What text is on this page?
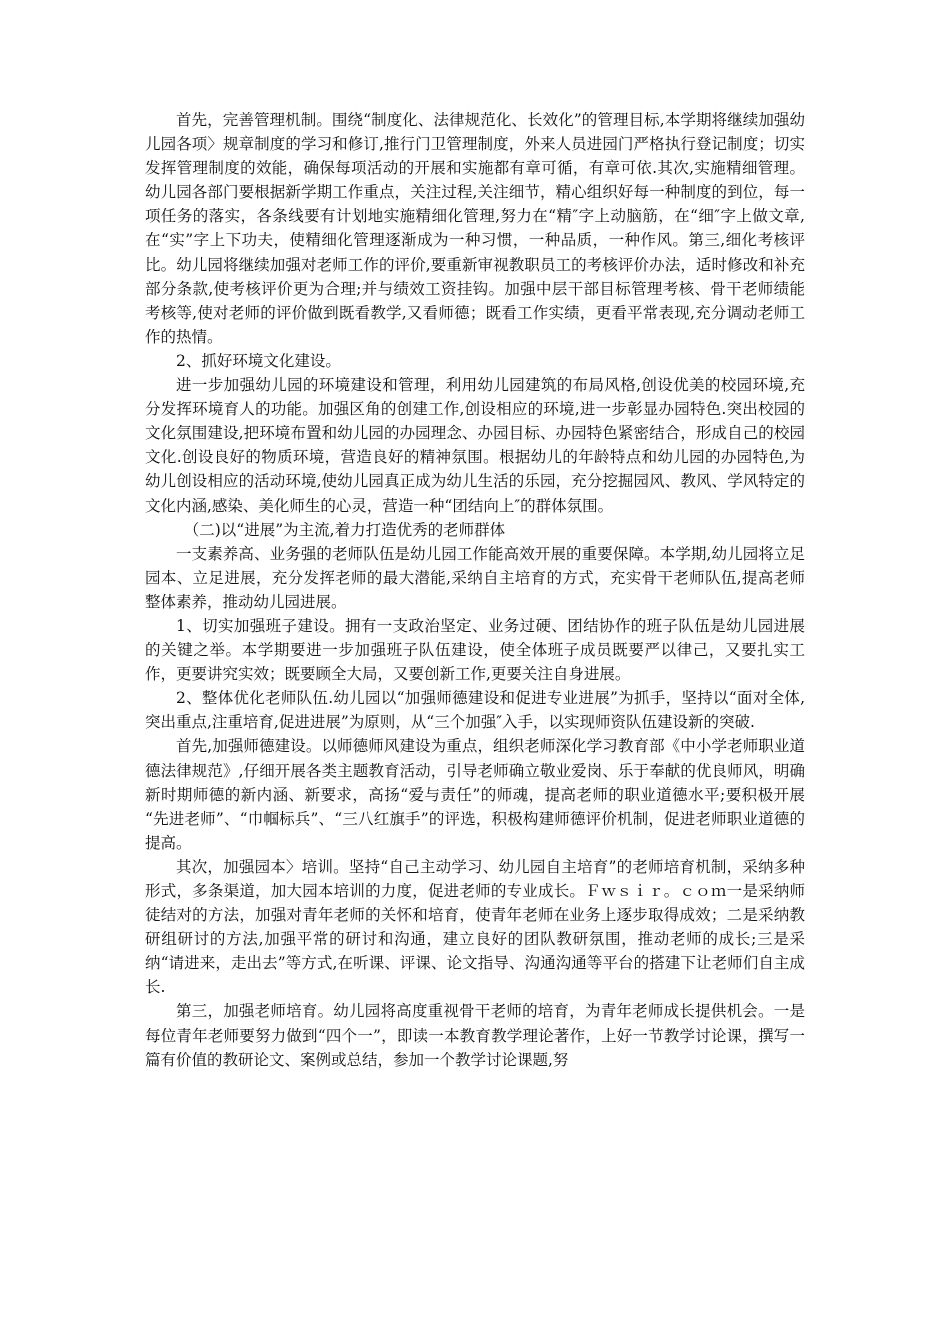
首先，完善管理机制。围绕“制度化、法律规范化、长效化”的管理目标,本学期将继续加强幼儿园各项〉规章制度的学习和修订,推行门卫管理制度，外来人员进园门严格执行登记制度；切实发挥管理制度的效能，确保每项活动的开展和实施都有章可循，有章可依.其次,实施精细管理。幼儿园各部门要根据新学期工作重点，关注过程,关注细节，精心组织好每一种制度的到位，每一项任务的落实，各条线要有计划地实施精细化管理,努力在“精″字上动脑筋，在“细″字上做文章,在“实”字上下功夫，使精细化管理逐渐成为一种习惯，一种品质，一种作风。第三,细化考核评比。幼儿园将继续加强对老师工作的评价,要重新审视教职员工的考核评价办法，适时修改和补充部分条款,使考核评价更为合理;并与绩效工资挂钩。加强中层干部目标管理考核、骨干老师绩能考核等,使对老师的评价做到既看教学,又看师德；既看工作实绩，更看平常表现,充分调动老师工作的热情。

2、抓好环境文化建设。

进一步加强幼儿园的环境建设和管理，利用幼儿园建筑的布局风格,创设优美的校园环境,充分发挥环境育人的功能。加强区角的创建工作,创设相应的环境,进一步彰显办园特色.突出校园的文化氛围建设,把环境布置和幼儿园的办园理念、办园目标、办园特色紧密结合，形成自己的校园文化.创设良好的物质环境，营造良好的精神氛围。根据幼儿的年龄特点和幼儿园的办园特色,为幼儿创设相应的活动环境,使幼儿园真正成为幼儿生活的乐园，充分挖掘园风、教风、学风特定的文化内涵,感染、美化师生的心灵，营造一种“团结向上″的群体氛围。

（二)以“进展”为主流,着力打造优秀的老师群体

一支素养高、业务强的老师队伍是幼儿园工作能高效开展的重要保障。本学期,幼儿园将立足园本、立足进展，充分发挥老师的最大潜能,采纳自主培育的方式，充实骨干老师队伍,提高老师整体素养，推动幼儿园进展。

1、切实加强班子建设。拥有一支政治坚定、业务过硬、团结协作的班子队伍是幼儿园进展的关键之举。本学期要进一步加强班子队伍建设，使全体班子成员既要严以律己，又要扎实工作，更要讲究实效；既要顾全大局，又要创新工作,更要关注自身进展。

2、整体优化老师队伍.幼儿园以“加强师德建设和促进专业进展”为抓手，坚持以“面对全体,突出重点,注重培育,促进进展”为原则，从“三个加强″入手，以实现师资队伍建设新的突破.

首先,加强师德建设。以师德师风建设为重点，组织老师深化学习教育部《中小学老师职业道德法律规范》,仔细开展各类主题教育活动，引导老师确立敬业爱岗、乐于奉献的优良师风，明确新时期师德的新内涵、新要求，高扬“爱与责任”的师魂，提高老师的职业道德水平;要积极开展 “先进老师”、“巾帼标兵”、“三八红旗手”的评选，积极构建师德评价机制，促进老师职业道德的提高。

其次，加强园本〉培训。坚持“自己主动学习、幼儿园自主培育”的老师培育机制，采纳多种形式，多条渠道，加大园本培训的力度，促进老师的专业成长。Ｆｗｓｉｒ。ｃｏｍ一是采纳师徒结对的方法，加强对青年老师的关怀和培育，使青年老师在业务上逐步取得成效；二是采纳教研组研讨的方法,加强平常的研讨和沟通，建立良好的团队教研氛围，推动老师的成长;三是采纳“请进来，走出去”等方式,在听课、评课、论文指导、沟通沟通等平台的搭建下让老师们自主成长.

第三，加强老师培育。幼儿园将高度重视骨干老师的培育，为青年老师成长提供机会。一是每位青年老师要努力做到“四个一”，即读一本教育教学理论著作，上好一节教学讨论课，撰写一篇有价值的教研论文、案例或总结，参加一个教学讨论课题,努
